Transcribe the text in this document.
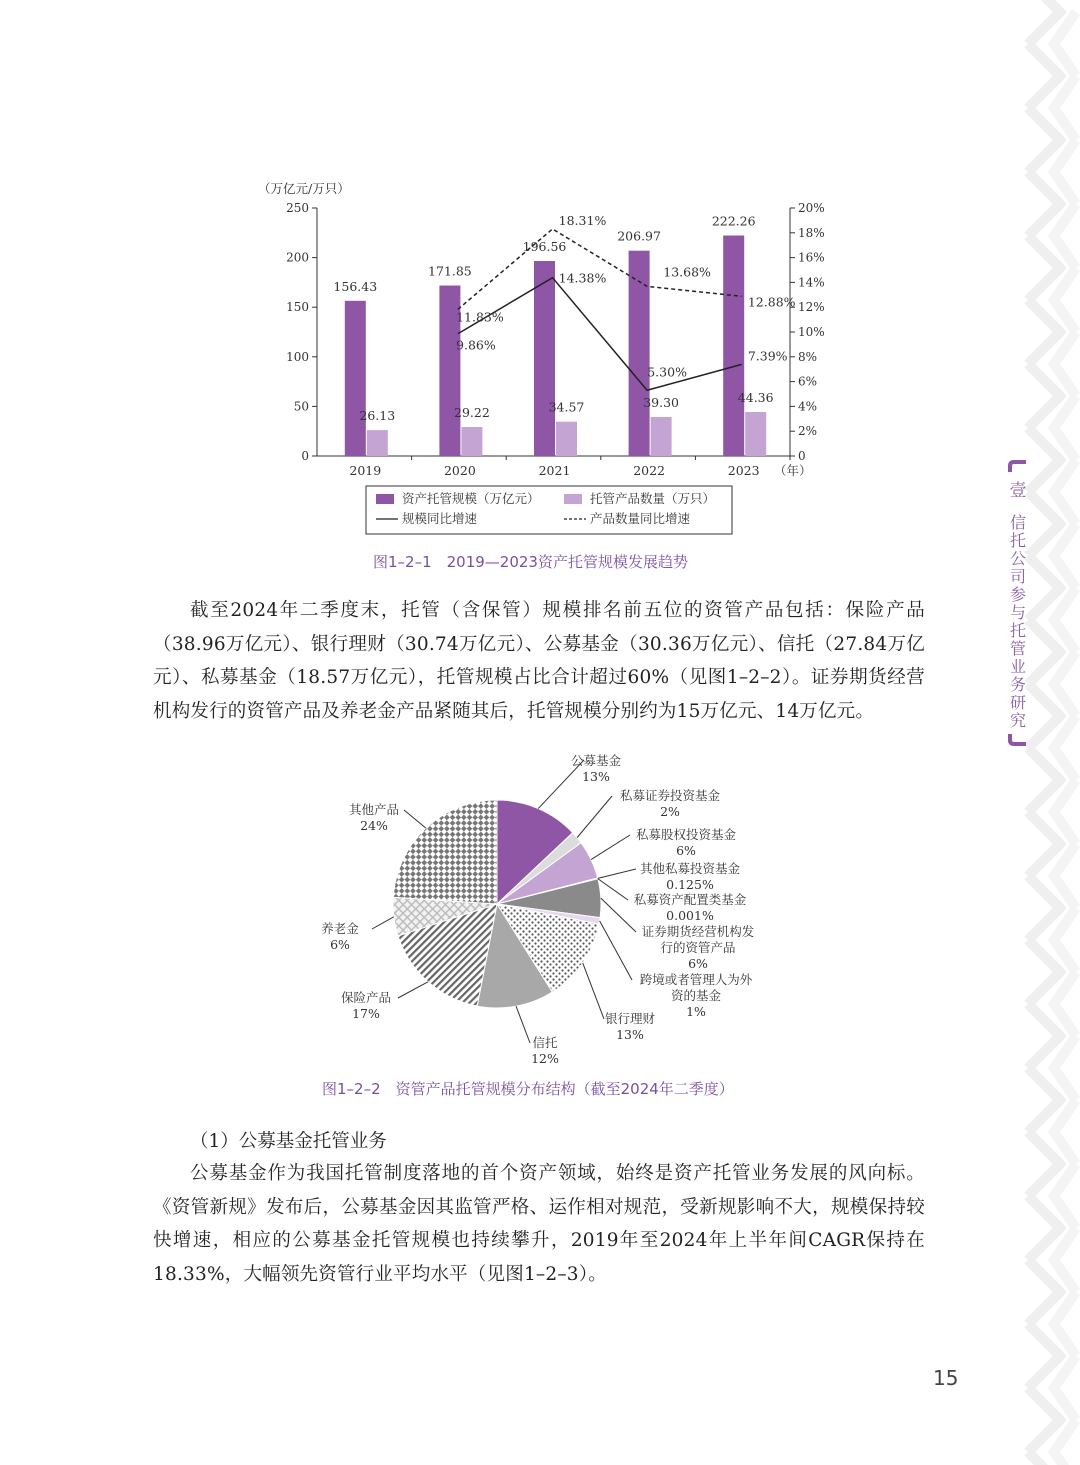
壹
信
托
公
司
参
与
托
管
业
务
研
究
0
50
100
150
200
250
0
2%
4%
6%
8%
10%
12%
14%
16%
18%
20%
（万亿元/万只）
（年）
2019	2020	2021	2022	2023
156.43
171.85
196.56
206.97
222.26
26.13	29.22	34.57	39.30	44.36
9.86%
14.38%
5.30%
7.39%
11.83%
18.31%
13.68%
12.88%
资产托管规模（万亿元）	托管产品数量（万只）
规模同比增速	产品数量同比增速
图1–2–1　2019—2023资产托管规模发展趋势
截至2024年二季度末，托管（含保管）规模排名前五位的资管产品包括：保险产品（38.96万亿元）、银行理财（30.74万亿元）、公募基金（30.36万亿元）、信托（27.84万亿元）、私募基金（18.57万亿元），托管规模占比合计超过60%（见图1–2–2）。证券期货经营机构发行的资管产品及养老金产品紧随其后，托管规模分别约为15万亿元、14万亿元。
公募基金
13%
私募证券投资基金
2%
私募股权投资基金
6%
其他私募投资基金
0.125%
私募资产配置类基金
0.001%
证券期货经营机构发
行的资管产品
6%
跨境或者管理人为外
资的基金
1%
银行理财
13%
信托
12%
保险产品
17%
养老金
6%
其他产品
24%
图1–2–2　资管产品托管规模分布结构（截至2024年二季度）
（1）公募基金托管业务
公募基金作为我国托管制度落地的首个资产领域，始终是资产托管业务发展的风向标。《资管新规》发布后，公募基金因其监管严格、运作相对规范，受新规影响不大，规模保持较快增速，相应的公募基金托管规模也持续攀升，2019年至2024年上半年间CAGR保持在18.33%，大幅领先资管行业平均水平（见图1–2–3）。
15
